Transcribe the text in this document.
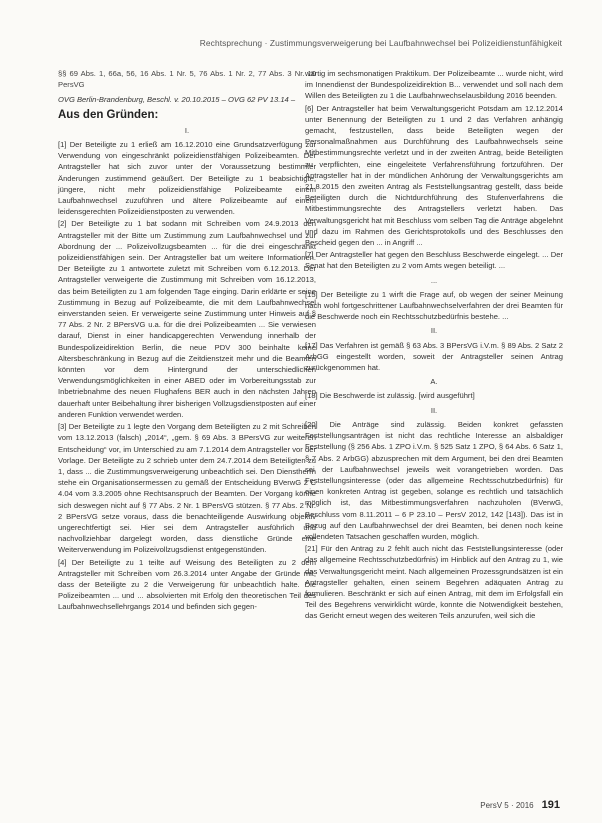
Rechtsprechung · Zustimmungsverweigerung bei Laufbahnwechsel bei Polizeidienstunfähigkeit

§§ 69 Abs. 1, 66a, 56, 16 Abs. 1 Nr. 5, 76 Abs. 1 Nr. 2, 77 Abs. 3 Nr. 10 PersVG

OVG Berlin-Brandenburg, Beschl. v. 20.10.2015 – OVG 62 PV 13.14 –

Aus den Gründen:

I.

[1] Der Beteiligte zu 1 erließ am 16.12.2010 eine Grundsatzverfügung zur Verwendung von eingeschränkt polizeidienstfähigen Polizeibeamten. Der Antragsteller hat sich zuvor unter der Voraussetzung bestimmter Änderungen zustimmend geäußert. Der Beteiligte zu 1 beabsichtigte, jüngere, nicht mehr polizeidienstfähige Polizeibeamte einem Laufbahnwechsel zuzuführen und ältere Polizeibeamte auf einem leidensgerechten Polizeidienstposten zu verwenden.

[2] Der Beteiligte zu 1 bat sodann mit Schreiben vom 24.9.2013 den Antragsteller mit der Bitte um Zustimmung zum Laufbahnwechsel und zur Abordnung der ... Polizeivollzugsbeamten ... für die drei eingeschränkt polizeidienstfähigen sein. Der Antragsteller bat um weitere Informationen. Der Beteiligte zu 1 antwortete zuletzt mit Schreiben vom 6.12.2013. Der Antragsteller verweigerte die Zustimmung mit Schreiben vom 16.12.2013, das beim Beteiligten zu 1 am folgenden Tage einging. Darin erklärte er seine Zustimmung in Bezug auf Polizeibeamte, die mit dem Laufbahnwechsel einverstanden seien. Er verweigerte seine Zustimmung unter Hinweis auf § 77 Abs. 2 Nr. 2 BPersVG u.a. für die drei Polizeibeamten ... Sie verwiesen darauf, Dienst in einer handicapgerechten Verwendung innerhalb der Bundespolizeidirektion Berlin, die neue PDV 300 beinhalte keine Altersbeschränkung in Bezug auf die Zeitdienstzeit mehr und die Beamten könnten vor dem Hintergrund der unterschiedlichen Verwendungsmöglichkeiten in einer ABED oder im Vorbereitungsstab zur Inbetriebnahme des neuen Flughafens BER auch in den nächsten Jahren dauerhaft unter Beibehaltung ihrer bisherigen Vollzugsdienstposten auf einer anderen Funktion verwendet werden.

[3] Der Beteiligte zu 1 legte den Vorgang dem Beteiligten zu 2 mit Schreiben vom 13.12.2013 (falsch) „2014“, „gem. § 69 Abs. 3 BPersVG zur weiteren Entscheidung“ vor, im Unterschied zu am 7.1.2014 dem Antragsteller vor der Vorlage. Der Beteiligte zu 2 schrieb unter dem 24.7.2014 dem Beteiligten zu 1, dass ... die Zustimmungsverweigerung unbeachtlich sei. Den Dienstherrn stehe ein Organisationsermessen zu gemäß der Entscheidung BVerwG 2 C 4.04 vom 3.3.2005 ohne Rechtsanspruch der Beamten. Der Vorgang könne sich deswegen nicht auf § 77 Abs. 2 Nr. 1 BPersVG stützen. § 77 Abs. 2 Nr. 2 BPersVG setze voraus, dass die benachteiligende Auswirkung objektiv ungerechtfertigt sei. Hier sei dem Antragsteller ausführlich und nachvollziehbar dargelegt worden, dass dienstliche Gründe eine Weiterverwendung im Polizeivollzugsdienst entgegenstünden.

[4] Der Beteiligte zu 1 teilte auf Weisung des Beteiligten zu 2 dem Antragsteller mit Schreiben vom 26.3.2014 unter Angabe der Gründe mit, dass der Beteiligte zu 2 die Verweigerung für unbeachtlich halte. Die Polizeibeamten ... und ... absolvierten mit Erfolg den theoretischen Teil des Laufbahnwechsellehrgangs 2014 und befinden sich gegen-

wärtig im sechsmonatigen Praktikum. Der Polizeibeamte ... wurde nicht, wird im Innendienst der Bundespolizeidirektion B... verwendet und soll nach dem Willen des Beteiligten zu 1 die Laufbahnwechselausbildung 2016 beenden.

[6] Der Antragsteller hat beim Verwaltungsgericht Potsdam am 12.12.2014 unter Benennung der Beteiligten zu 1 und 2 das Verfahren anhängig gemacht, festzustellen, dass beide Beteiligten wegen der Personalmaßnahmen aus Durchführung des Laufbahnwechsels seine Mitbestimmungsrechte verletzt und in der zweiten Antrag, beide Beteiligten zu verpflichten, eine eingeleitete Verfahrensführung fortzuführen. Der Antragsteller hat in der mündlichen Anhörung der Verwaltungsgerichts am 21.8.2015 den zweiten Antrag als Feststellungsantrag gestellt, dass beide Beteiligten durch die Nichtdurchführung des Stufenverfahrens die Mitbestimmungsrechte des Antragstellers verletzt haben. Das Verwaltungsgericht hat mit Beschluss vom selben Tag die Anträge abgelehnt und dazu im Rahmen des Gerichtsprotokolls und des Beschlusses den Bescheid gegen den ... in Angriff ...

[7] Der Antragsteller hat gegen den Beschluss Beschwerde eingelegt. ... Der Senat hat den Beteiligten zu 2 vom Amts wegen beteiligt. ...

...

[15] Der Beteiligte zu 1 wirft die Frage auf, ob wegen der seiner Meinung nach wohl fortgeschrittener Laufbahnwechselverfahren der drei Beamten für die Beschwerde noch ein Rechtsschutzbedürfnis bestehe. ...

II.

[17] Das Verfahren ist gemäß § 63 Abs. 3 BPersVG i.V.m. § 89 Abs. 2 Satz 2 ArbGG eingestellt worden, soweit der Antragsteller seinen Antrag zurückgenommen hat.

A.

[18] Die Beschwerde ist zulässig. [wird ausgeführt]

II.

[20] Die Anträge sind zulässig. Beiden konkret gefassten Feststellungsanträgen ist nicht das rechtliche Interesse an alsbaldiger Feststellung (§ 256 Abs. 1 ZPO i.V.m. § 525 Satz 1 ZPO, § 64 Abs. 6 Satz 1, § 7 Abs. 2 ArbGG) abzusprechen mit dem Argument, bei den drei Beamten sei der Laufbahnwechsel jeweils weit vorangetrieben worden. Das Feststellungsinteresse (oder das allgemeine Rechtsschutzbedürfnis) für einen konkreten Antrag ist gegeben, solange es rechtlich und tatsächlich möglich ist, das Mitbestimmungsverfahren nachzuholen (BVerwG, Beschluss vom 8.11.2011 – 6 P 23.10 – PersV 2012, 142 [143]). Das ist in Bezug auf den Laufbahnwechsel der drei Beamten, bei denen noch keine vollendeten Tatsachen geschaffen wurden, möglich.

[21] Für den Antrag zu 2 fehlt auch nicht das Feststellungsinteresse (oder das allgemeine Rechtsschutzbedürfnis) im Hinblick auf den Antrag zu 1, wie das Verwaltungsgericht meint. Nach allgemeinen Prozessgrundsätzen ist ein Antragsteller gehalten, einen seinem Begehren adäquaten Antrag zu formulieren. Beschränkt er sich auf einen Antrag, mit dem im Erfolgsfall ein Teil des Begehrens verwirklicht würde, konnte die Notwendigkeit bestehen, das Gericht erneut wegen des weiteren Teils anzurufen, weil sich die

PersV 5 · 2016 191
